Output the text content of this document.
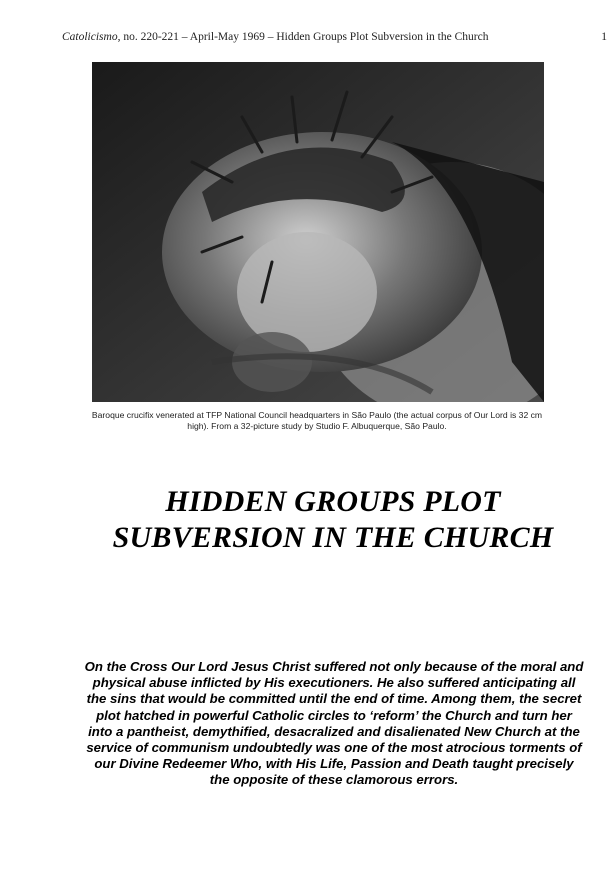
Catolicismo, no. 220-221 – April-May 1969 – Hidden Groups Plot Subversion in the Church	1
Baroque crucifix venerated at TFP National Council headquarters in São Paulo (the actual corpus of Our Lord is 32 cm high). From a 32-picture study by Studio F. Albuquerque, São Paulo.
HIDDEN GROUPS PLOT SUBVERSION IN THE CHURCH
On the Cross Our Lord Jesus Christ suffered not only because of the moral and physical abuse inflicted by His executioners. He also suffered anticipating all the sins that would be committed until the end of time. Among them, the secret plot hatched in powerful Catholic circles to ‘reform’ the Church and turn her into a pantheist, demythified, desacralized and disalienated New Church at the service of communism undoubtedly was one of the most atrocious torments of our Divine Redeemer Who, with His Life, Passion and Death taught precisely the opposite of these clamorous errors.
